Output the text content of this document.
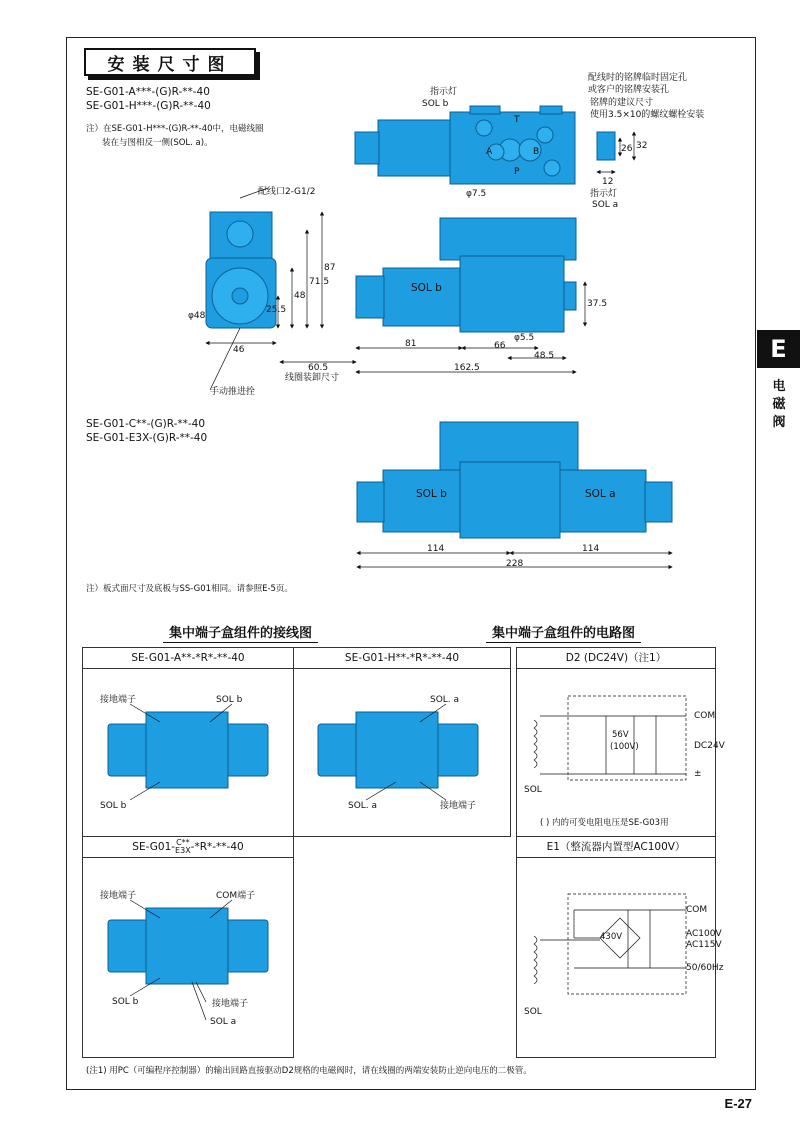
安装尺寸图
SE-G01-A***-(G)R-**-40
SE-G01-H***-(G)R-**-40
注）在SE-G01-H***-(G)R-**-40中，电磁线圈
装在与图相反一侧(SOL. a)。
SE-G01-C**-(G)R-**-40
SE-G01-E3X-(G)R-**-40
注）板式面尺寸及底板与SS-G01相同。请参照E-5页。
E
电磁阀
指示灯
SOL b
配线时的铭牌临时固定孔
或客户的铭牌安装孔
铭牌的建议尺寸
使用3.5×10的螺纹螺栓安装
指示灯
SOL a
φ7.5
配线口2-G1/2
φ48
手动推进拴
线圈装卸尺寸
φ5.5
SOL b
SOL b	SOL a
A	B
P
T
12
26 32
87
71.5
48
25.5
46
60.5
81	66
48.5
162.5
37.5
114	114
228
集中端子盒组件的接线图	集中端子盒组件的电路图
SE-G01-A**-*R*-**-40	SE-G01-H**-*R*-**-40
SE-G01-C**
E3X-*R*-**-40
D2 (DC24V)（注1）
E1（整流器内置型AC100V）
接地端子	SOL b
SOL b
SOL. a
SOL. a	接地端子
接地端子	COM端子
SOL b	接地端子
SOL a
COM
DC24V
±
SOL
56V
(100V)
( ) 内的可变电阻电压是SE-G03用
COM
AC100V
AC115V
50/60Hz
SOL
430V
(注1) 用PC（可编程序控制器）的输出回路直接驱动D2规格的电磁阀时，请在线圈的两端安装防止逆向电压的二极管。
E-27
